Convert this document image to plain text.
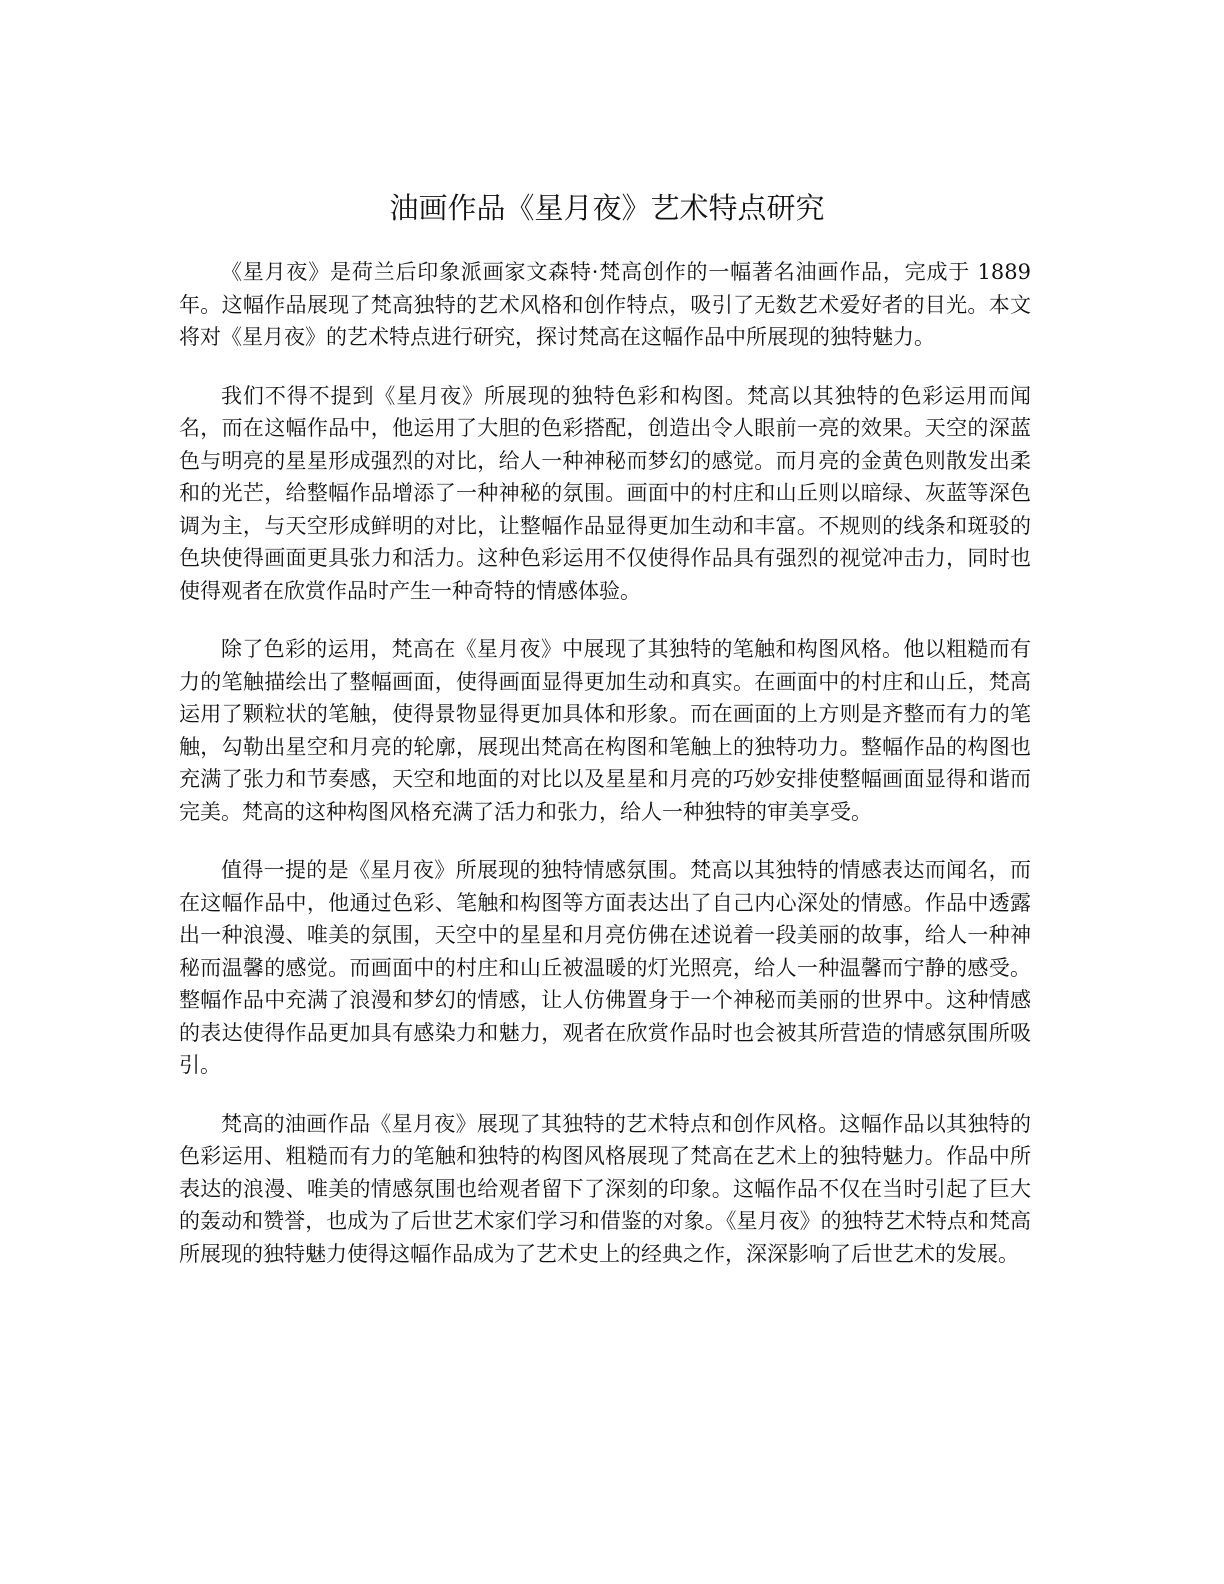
油画作品《星月夜》艺术特点研究

《星月夜》是荷兰后印象派画家文森特·梵高创作的一幅著名油画作品，完成于 1889 年。这幅作品展现了梵高独特的艺术风格和创作特点，吸引了无数艺术爱好者的目光。本文将对《星月夜》的艺术特点进行研究，探讨梵高在这幅作品中所展现的独特魅力。

我们不得不提到《星月夜》所展现的独特色彩和构图。梵高以其独特的色彩运用而闻名，而在这幅作品中，他运用了大胆的色彩搭配，创造出令人眼前一亮的效果。天空的深蓝色与明亮的星星形成强烈的对比，给人一种神秘而梦幻的感觉。而月亮的金黄色则散发出柔和的光芒，给整幅作品增添了一种神秘的氛围。画面中的村庄和山丘则以暗绿、灰蓝等深色调为主，与天空形成鲜明的对比，让整幅作品显得更加生动和丰富。不规则的线条和斑驳的色块使得画面更具张力和活力。这种色彩运用不仅使得作品具有强烈的视觉冲击力，同时也使得观者在欣赏作品时产生一种奇特的情感体验。

除了色彩的运用，梵高在《星月夜》中展现了其独特的笔触和构图风格。他以粗糙而有力的笔触描绘出了整幅画面，使得画面显得更加生动和真实。在画面中的村庄和山丘，梵高运用了颗粒状的笔触，使得景物显得更加具体和形象。而在画面的上方则是齐整而有力的笔触，勾勒出星空和月亮的轮廓，展现出梵高在构图和笔触上的独特功力。整幅作品的构图也充满了张力和节奏感，天空和地面的对比以及星星和月亮的巧妙安排使整幅画面显得和谐而完美。梵高的这种构图风格充满了活力和张力，给人一种独特的审美享受。

值得一提的是《星月夜》所展现的独特情感氛围。梵高以其独特的情感表达而闻名，而在这幅作品中，他通过色彩、笔触和构图等方面表达出了自己内心深处的情感。作品中透露出一种浪漫、唯美的氛围，天空中的星星和月亮仿佛在述说着一段美丽的故事，给人一种神秘而温馨的感觉。而画面中的村庄和山丘被温暖的灯光照亮，给人一种温馨而宁静的感受。整幅作品中充满了浪漫和梦幻的情感，让人仿佛置身于一个神秘而美丽的世界中。这种情感的表达使得作品更加具有感染力和魅力，观者在欣赏作品时也会被其所营造的情感氛围所吸引。

梵高的油画作品《星月夜》展现了其独特的艺术特点和创作风格。这幅作品以其独特的色彩运用、粗糙而有力的笔触和独特的构图风格展现了梵高在艺术上的独特魅力。作品中所表达的浪漫、唯美的情感氛围也给观者留下了深刻的印象。这幅作品不仅在当时引起了巨大的轰动和赞誉，也成为了后世艺术家们学习和借鉴的对象。《星月夜》的独特艺术特点和梵高所展现的独特魅力使得这幅作品成为了艺术史上的经典之作，深深影响了后世艺术的发展。
